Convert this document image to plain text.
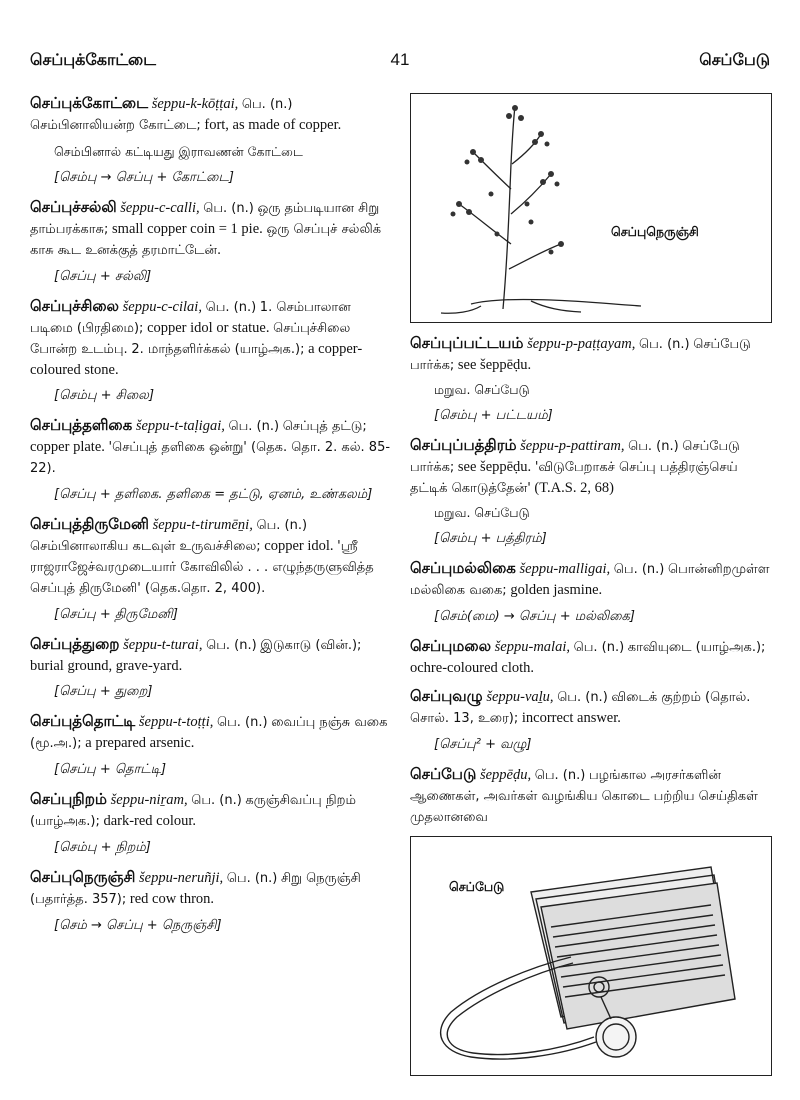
செப்புக்கோட்டை	41	செப்பேடு
செப்புக்கோட்டை šeppu-k-kōṭṭai, பெ. (n.) செம்பினாலியன்ற கோட்டை; fort, as made of copper.
செம்பினால் கட்டியது இராவணன் கோட்டை
[செம்பு → செப்பு + கோட்டை]
செப்புச்சல்லி šeppu-c-calli, பெ. (n.) ஒரு தம்படியான சிறு தாம்பரக்காசு; small copper coin = 1 pie. ஒரு செப்புச் சல்லிக் காசு கூட உனக்குத் தரமாட்டேன்.
[செப்பு + சல்லி]
செப்புச்சிலை šeppu-c-cilai, பெ. (n.) 1. செம்பாலான படிமை (பிரதிமை); copper idol or statue. செப்புச்சிலை போன்ற உடம்பு. 2. மாந்தளிர்க்கல் (யாழ்அக.); a copper-coloured stone.
[செம்பு + சிலை]
செப்புத்தளிகை šeppu-t-taḷigai, பெ. (n.) செப்புத் தட்டு; copper plate. 'செப்புத் தளிகை ஒன்று' (தெக. தொ. 2. கல். 85-22).
[செப்பு + தளிகை. தளிகை = தட்டு, ஏனம், உண்கலம்]
செப்புத்திருமேனி šeppu-t-tirumēṉi, பெ. (n.) செம்பினாலாகிய கடவுள் உருவச்சிலை; copper idol. 'ஸ்ரீ ராஜராஜேச்வரமுடையார் கோவிலில் . . . எழுந்தருளுவித்த செப்புத் திருமேனி' (தெக.தொ. 2, 400).
[செப்பு + திருமேனி]
செப்புத்துறை šeppu-t-turai, பெ. (n.) இடுகாடு (வின்.); burial ground, grave-yard.
[செப்பு + துறை]
செப்புத்தொட்டி šeppu-t-toṭṭi, பெ. (n.) வைப்பு நஞ்சு வகை (மூ.அ.); a prepared arsenic.
[செப்பு + தொட்டி]
செப்புநிறம் šeppu-niṟam, பெ. (n.) கருஞ்சிவப்பு நிறம் (யாழ்அக.); dark-red colour.
[செம்பு + நிறம்]
செப்புநெருஞ்சி šeppu-neruñji, பெ. (n.) சிறு நெருஞ்சி (பதார்த்த. 357); red cow thron.
[செம் → செப்பு + நெருஞ்சி]
செப்புநெருஞ்சி
செப்புப்பட்டயம் šeppu-p-paṭṭayam, பெ. (n.) செப்பேடு பார்க்க; see šeppēḍu.
மறுவ. செப்பேடு
[செம்பு + பட்டயம்]
செப்புப்பத்திரம் šeppu-p-pattiram, பெ. (n.) செப்பேடு பார்க்க; see šeppēḍu. 'விடுபேறாகச் செப்பு பத்திரஞ்செய் தட்டிக் கொடுத்தேன்' (T.A.S. 2, 68)
மறுவ. செப்பேடு
[செம்பு + பத்திரம்]
செப்புமல்லிகை šeppu-malligai, பெ. (n.) பொன்னிறமுள்ள மல்லிகை வகை; golden jasmine.
[செம்(மை) → செப்பு + மல்லிகை]
செப்புமலை šeppu-malai, பெ. (n.) காவியுடை (யாழ்அக.); ochre-coloured cloth.
செப்புவழு šeppu-vaḻu, பெ. (n.) விடைக் குற்றம் (தொல். சொல். 13, உரை); incorrect answer.
[செப்பு² + வழு]
செப்பேடு šeppēḍu, பெ. (n.) பழங்கால அரசர்களின் ஆணைகள், அவர்கள் வழங்கிய கொடை பற்றிய செய்திகள் முதலானவை
செப்பேடு
